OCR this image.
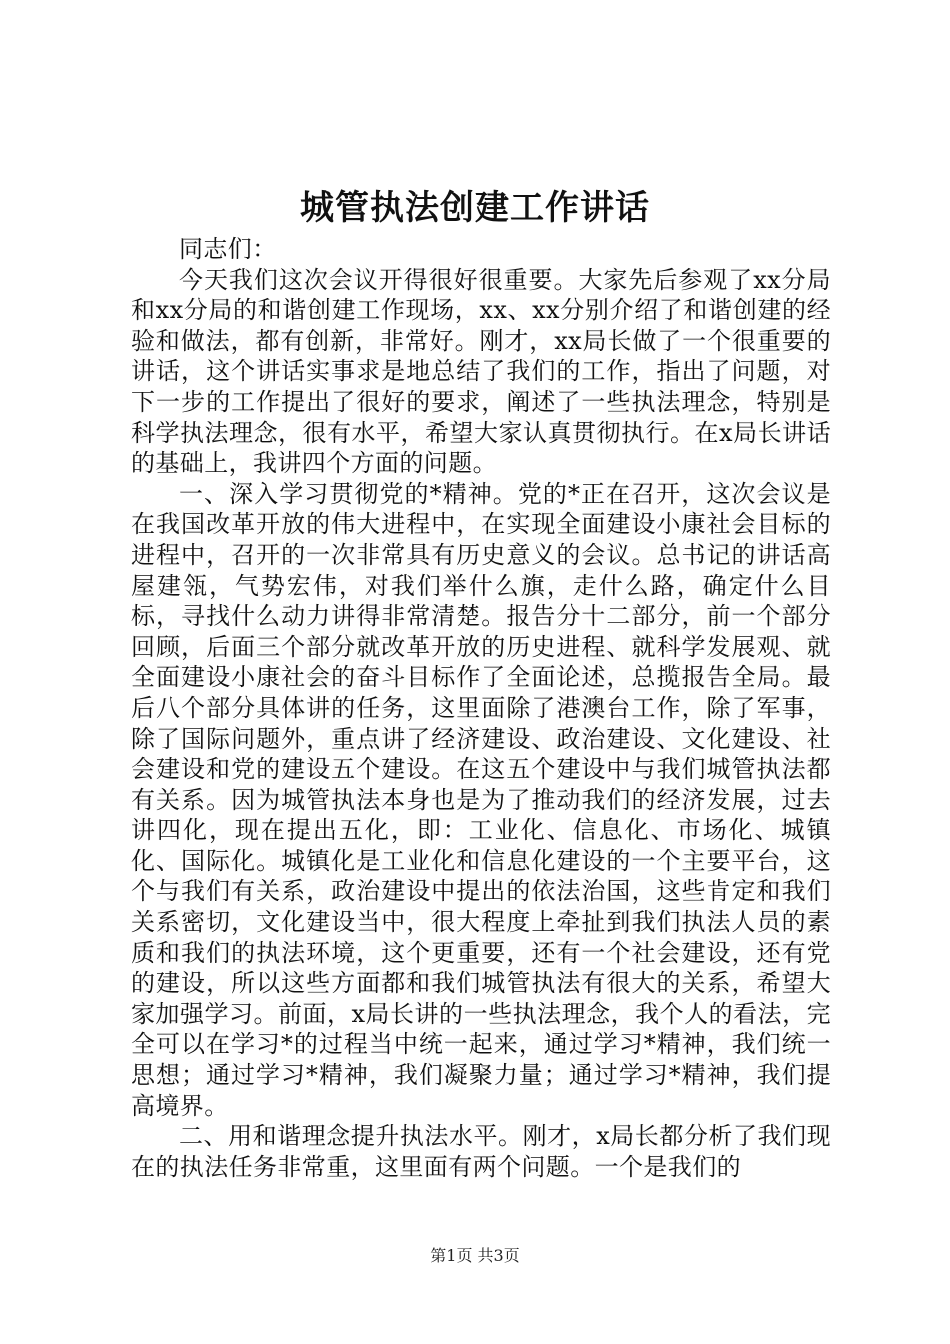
城管执法创建工作讲话

同志们：

今天我们这次会议开得很好很重要。大家先后参观了xx分局和xx分局的和谐创建工作现场，xx、xx分别介绍了和谐创建的经验和做法，都有创新，非常好。刚才，xx局长做了一个很重要的讲话，这个讲话实事求是地总结了我们的工作，指出了问题，对下一步的工作提出了很好的要求，阐述了一些执法理念，特别是科学执法理念，很有水平，希望大家认真贯彻执行。在x局长讲话的基础上，我讲四个方面的问题。

一、深入学习贯彻党的*精神。党的*正在召开，这次会议是在我国改革开放的伟大进程中，在实现全面建设小康社会目标的进程中，召开的一次非常具有历史意义的会议。总书记的讲话高屋建瓴，气势宏伟，对我们举什么旗，走什么路，确定什么目标，寻找什么动力讲得非常清楚。报告分十二部分，前一个部分回顾，后面三个部分就改革开放的历史进程、就科学发展观、就全面建设小康社会的奋斗目标作了全面论述，总揽报告全局。最后八个部分具体讲的任务，这里面除了港澳台工作，除了军事，除了国际问题外，重点讲了经济建设、政治建设、文化建设、社会建设和党的建设五个建设。在这五个建设中与我们城管执法都有关系。因为城管执法本身也是为了推动我们的经济发展，过去讲四化，现在提出五化，即：工业化、信息化、市场化、城镇化、国际化。城镇化是工业化和信息化建设的一个主要平台，这个与我们有关系，政治建设中提出的依法治国，这些肯定和我们关系密切，文化建设当中，很大程度上牵扯到我们执法人员的素质和我们的执法环境，这个更重要，还有一个社会建设，还有党的建设，所以这些方面都和我们城管执法有很大的关系，希望大家加强学习。前面，x局长讲的一些执法理念，我个人的看法，完全可以在学习*的过程当中统一起来，通过学习*精神，我们统一思想；通过学习*精神，我们凝聚力量；通过学习*精神，我们提高境界。

二、用和谐理念提升执法水平。刚才，x局长都分析了我们现在的执法任务非常重，这里面有两个问题。一个是我们的

第1页 共3页
